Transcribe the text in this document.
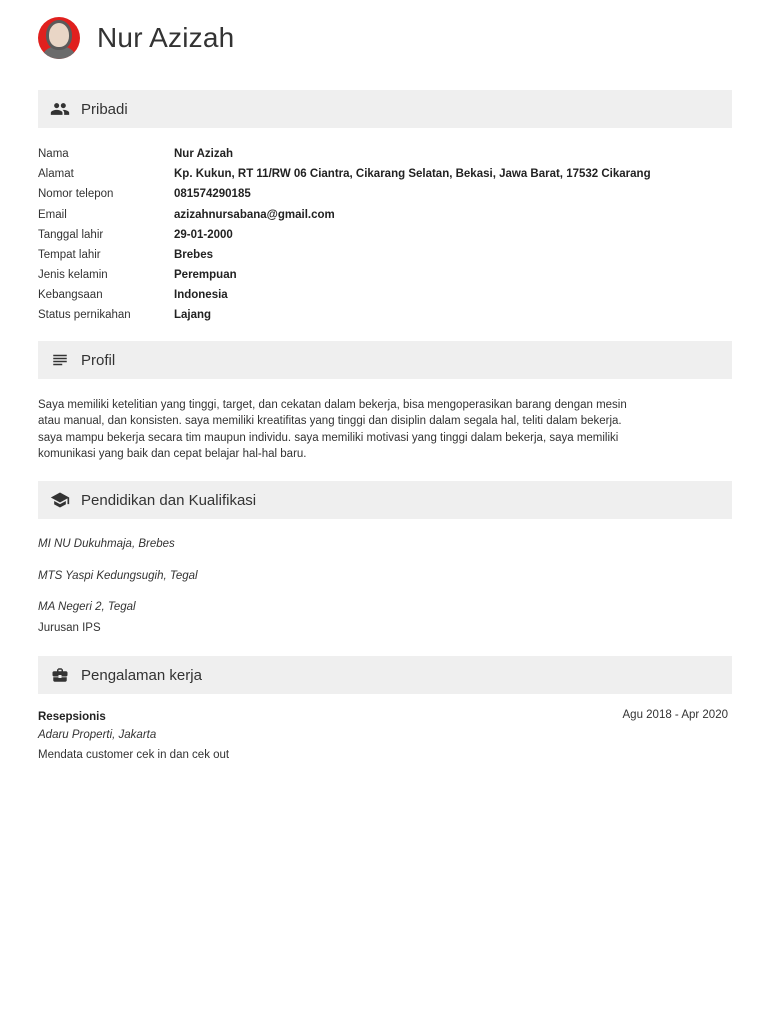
Nur Azizah
Pribadi
Nama	Nur Azizah
Alamat	Kp. Kukun, RT 11/RW 06 Ciantra, Cikarang Selatan, Bekasi, Jawa Barat, 17532 Cikarang
Nomor telepon	081574290185
Email	azizahnursabana@gmail.com
Tanggal lahir	29-01-2000
Tempat lahir	Brebes
Jenis kelamin	Perempuan
Kebangsaan	Indonesia
Status pernikahan	Lajang
Profil
Saya memiliki ketelitian yang tinggi, target, dan cekatan dalam bekerja, bisa mengoperasikan barang dengan mesin atau manual, dan konsisten. saya memiliki kreatifitas yang tinggi dan disiplin dalam segala hal, teliti dalam bekerja. saya mampu bekerja secara tim maupun individu. saya memiliki motivasi yang tinggi dalam bekerja, saya memiliki komunikasi yang baik dan cepat belajar hal-hal baru.
Pendidikan dan Kualifikasi
MI NU Dukuhmaja, Brebes
MTS Yaspi Kedungsugih, Tegal
MA Negeri 2, Tegal
Jurusan IPS
Pengalaman kerja
Resepsionis	Agu 2018 - Apr 2020
Adaru Properti, Jakarta
Mendata customer cek in dan cek out
